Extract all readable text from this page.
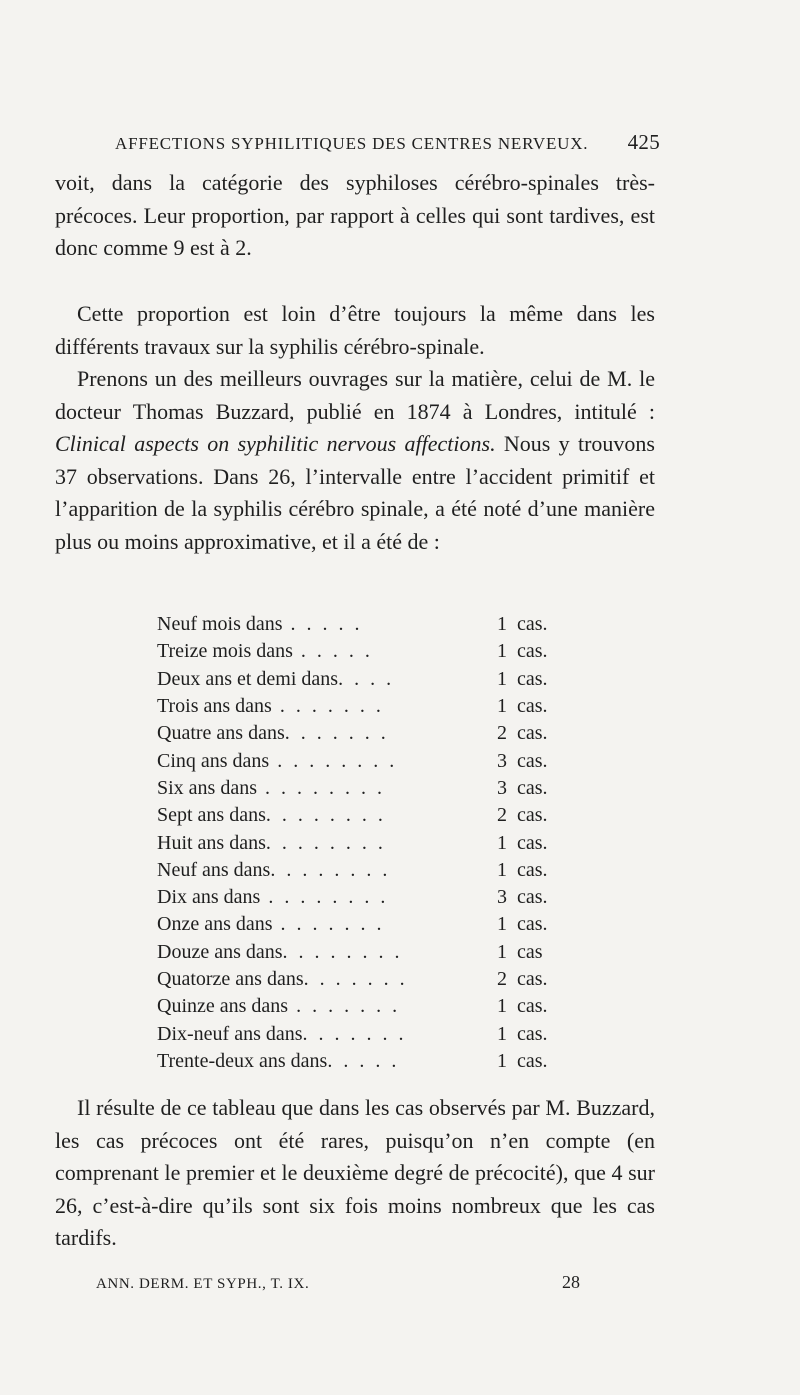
AFFECTIONS SYPHILITIQUES DES CENTRES NERVEUX. 425
voit, dans la catégorie des syphiloses cérébro-spinales très-précoces. Leur proportion, par rapport à celles qui sont tardives, est donc comme 9 est à 2.
Cette proportion est loin d’être toujours la même dans les différents travaux sur la syphilis cérébro-spinale.
Prenons un des meilleurs ouvrages sur la matière, celui de M. le docteur Thomas Buzzard, publié en 1874 à Londres, intitulé : Clinical aspects on syphilitic nervous affections. Nous y trouvons 37 observations. Dans 26, l’intervalle entre l’accident primitif et l’apparition de la syphilis cérébro spinale, a été noté d’une manière plus ou moins approximative, et il a été de :
Neuf mois dans . . . . .	1 cas.
Treize mois dans . . . . .	1 cas.
Deux ans et demi dans. . . .	1 cas.
Trois ans dans . . . . . . .	1 cas.
Quatre ans dans. . . . . . .	2 cas.
Cinq ans dans . . . . . . . .	3 cas.
Six ans dans . . . . . . . .	3 cas.
Sept ans dans. . . . . . . .	2 cas.
Huit ans dans. . . . . . . .	1 cas.
Neuf ans dans. . . . . . . .	1 cas.
Dix ans dans . . . . . . . .	3 cas.
Onze ans dans . . . . . . .	1 cas.
Douze ans dans. . . . . . . .	1 cas
Quatorze ans dans. . . . . . .	2 cas.
Quinze ans dans . . . . . . .	1 cas.
Dix-neuf ans dans. . . . . . .	1 cas.
Trente-deux ans dans. . . . .	1 cas.
Il résulte de ce tableau que dans les cas observés par M. Buzzard, les cas précoces ont été rares, puisqu’on n’en compte (en comprenant le premier et le deuxième degré de précocité), que 4 sur 26, c’est-à-dire qu’ils sont six fois moins nombreux que les cas tardifs.
ANN. DERM. ET SYPH., T. IX.	28
